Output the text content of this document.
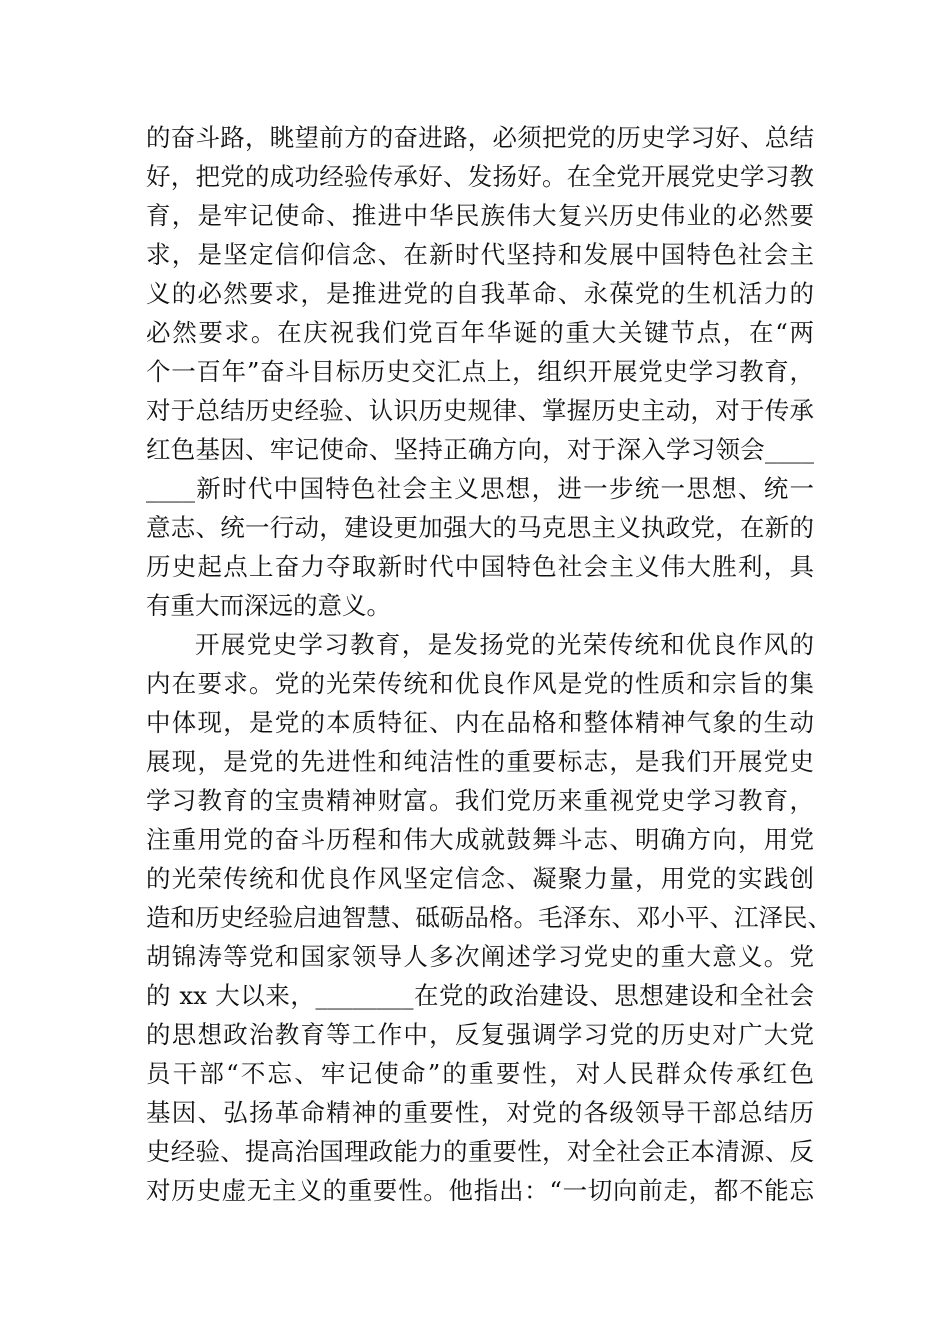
的奋斗路，眺望前方的奋进路，必须把党的历史学习好、总结
好，把党的成功经验传承好、发扬好。在全党开展党史学习教
育，是牢记使命、推进中华民族伟大复兴历史伟业的必然要
求，是坚定信仰信念、在新时代坚持和发展中国特色社会主
义的必然要求，是推进党的自我革命、永葆党的生机活力的
必然要求。在庆祝我们党百年华诞的重大关键节点，在“两
个一百年”奋斗目标历史交汇点上，组织开展党史学习教育，
对于总结历史经验、认识历史规律、掌握历史主动，对于传承
红色基因、牢记使命、坚持正确方向，对于深入学习领会____
____新时代中国特色社会主义思想，进一步统一思想、统一
意志、统一行动，建设更加强大的马克思主义执政党，在新的
历史起点上奋力夺取新时代中国特色社会主义伟大胜利，具
有重大而深远的意义。
开展党史学习教育，是发扬党的光荣传统和优良作风的
内在要求。党的光荣传统和优良作风是党的性质和宗旨的集
中体现，是党的本质特征、内在品格和整体精神气象的生动
展现，是党的先进性和纯洁性的重要标志，是我们开展党史
学习教育的宝贵精神财富。我们党历来重视党史学习教育，
注重用党的奋斗历程和伟大成就鼓舞斗志、明确方向，用党
的光荣传统和优良作风坚定信念、凝聚力量，用党的实践创
造和历史经验启迪智慧、砥砺品格。毛泽东、邓小平、江泽民、
胡锦涛等党和国家领导人多次阐述学习党史的重大意义。党
的 xx 大以来，________在党的政治建设、思想建设和全社会
的思想政治教育等工作中，反复强调学习党的历史对广大党
员干部“不忘、牢记使命”的重要性，对人民群众传承红色
基因、弘扬革命精神的重要性，对党的各级领导干部总结历
史经验、提高治国理政能力的重要性，对全社会正本清源、反
对历史虚无主义的重要性。他指出：“一切向前走，都不能忘
